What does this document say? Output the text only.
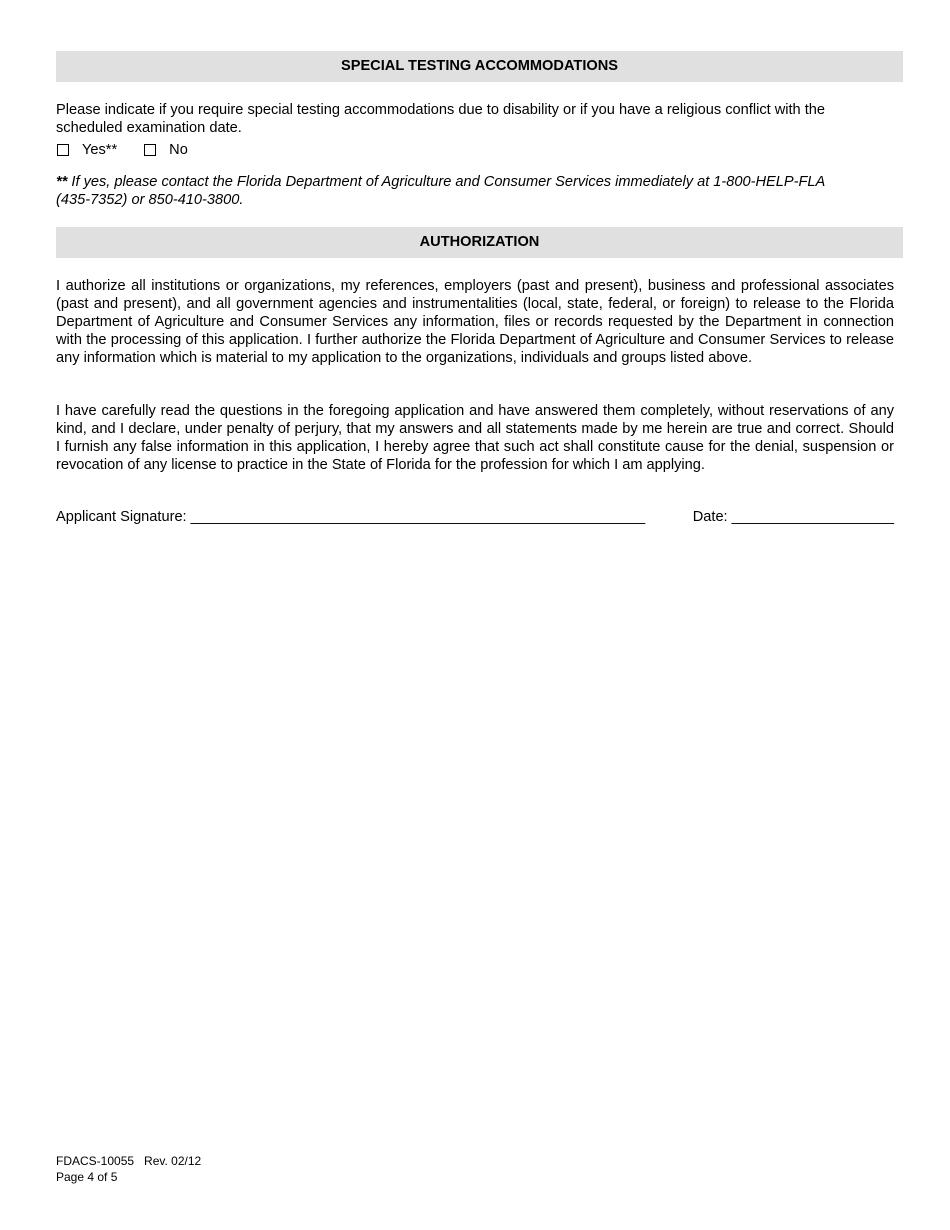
SPECIAL TESTING ACCOMMODATIONS

Please indicate if you require special testing accommodations due to disability or if you have a religious conflict with the scheduled examination date.

Yes**	No

** If yes, please contact the Florida Department of Agriculture and Consumer Services immediately at 1-800-HELP-FLA (435-7352) or 850-410-3800.

AUTHORIZATION

I authorize all institutions or organizations, my references, employers (past and present), business and professional associates (past and present), and all government agencies and instrumentalities (local, state, federal, or foreign) to release to the Florida Department of Agriculture and Consumer Services any information, files or records requested by the Department in connection with the processing of this application. I further authorize the Florida Department of Agriculture and Consumer Services to release any information which is material to my application to the organizations, individuals and groups listed above.

I have carefully read the questions in the foregoing application and have answered them completely, without reservations of any kind, and I declare, under penalty of perjury, that my answers and all statements made by me herein are true and correct. Should I furnish any false information in this application, I hereby agree that such act shall constitute cause for the denial, suspension or revocation of any license to practice in the State of Florida for the profession for which I am applying.

Applicant Signature: ________________________________________________________	Date: ____________________
FDACS-10055 Rev. 02/12
Page 4 of 5
